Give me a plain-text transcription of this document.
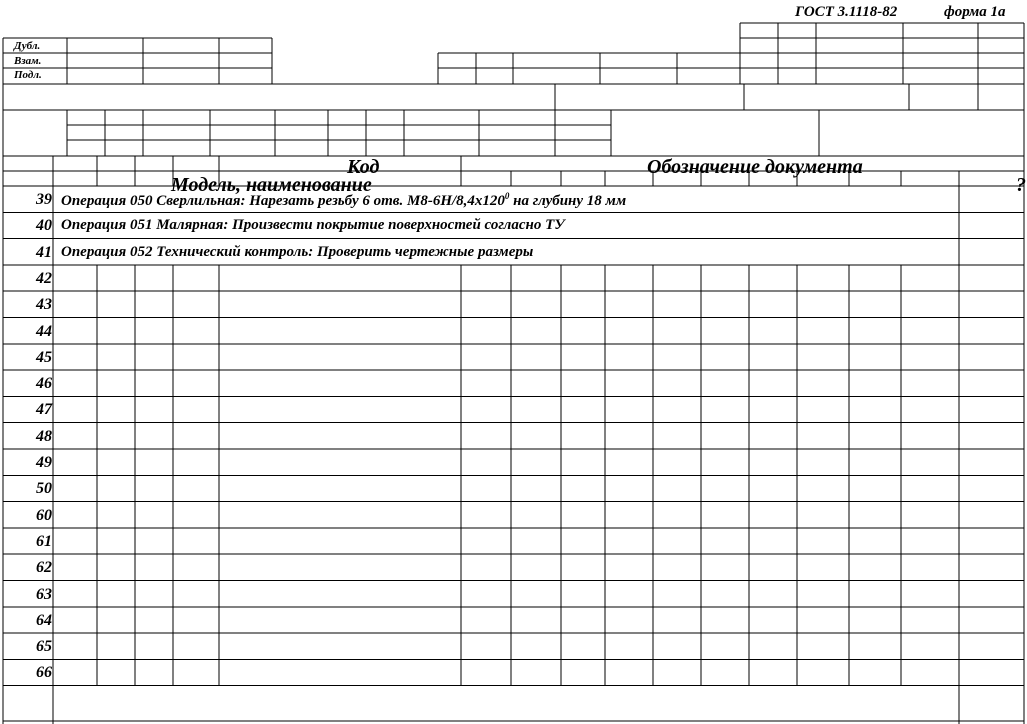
ГОСТ 3.1118-82	форма 1а
Дубл.
Взам.
Подл.
Код	Обозначение документа
Модель, наименование	?
39 Операция 050 Сверлильная: Нарезать резьбу 6 отв. $М8-6Н/8,4х120^0$ на глубину 18 мм
40 Операция 051 Малярная: Произвести покрытие поверхностей согласно ТУ
41 Операция 052 Технический контроль: Проверить чертежные размеры
42
43
44
45
46
47
48
49
50
60
61
62
63
64
65
66
